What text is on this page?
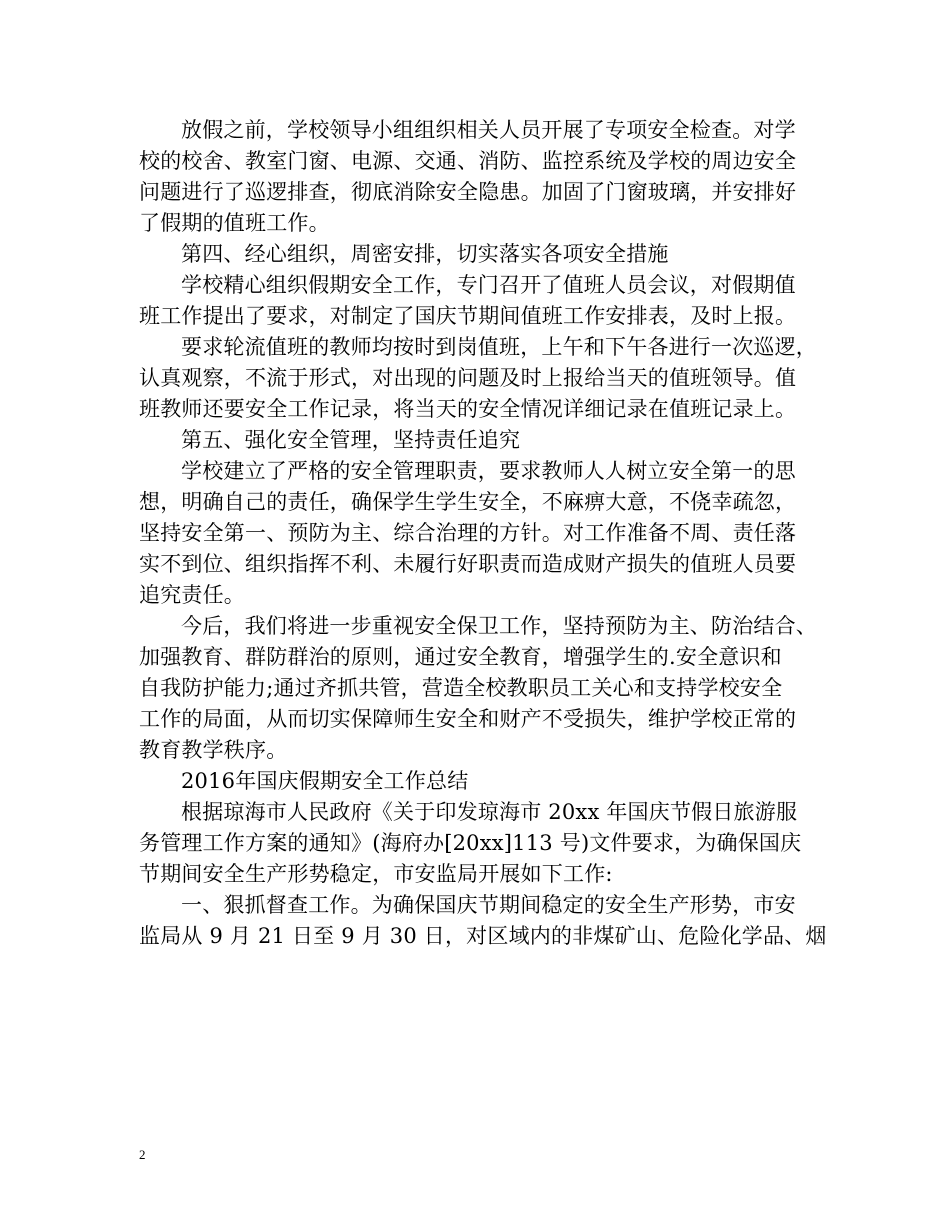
放假之前，学校领导小组组织相关人员开展了专项安全检查。对学
校的校舍、教室门窗、电源、交通、消防、监控系统及学校的周边安全
问题进行了巡逻排查，彻底消除安全隐患。加固了门窗玻璃，并安排好
了假期的值班工作。
第四、经心组织，周密安排，切实落实各项安全措施
学校精心组织假期安全工作，专门召开了值班人员会议，对假期值
班工作提出了要求，对制定了国庆节期间值班工作安排表，及时上报。
要求轮流值班的教师均按时到岗值班，上午和下午各进行一次巡逻，
认真观察，不流于形式，对出现的问题及时上报给当天的值班领导。值
班教师还要安全工作记录，将当天的安全情况详细记录在值班记录上。
第五、强化安全管理，坚持责任追究
学校建立了严格的安全管理职责，要求教师人人树立安全第一的思
想，明确自己的责任，确保学生学生安全，不麻痹大意，不侥幸疏忽，
坚持安全第一、预防为主、综合治理的方针。对工作准备不周、责任落
实不到位、组织指挥不利、未履行好职责而造成财产损失的值班人员要
追究责任。
今后，我们将进一步重视安全保卫工作，坚持预防为主、防治结合、
加强教育、群防群治的原则，通过安全教育，增强学生的.安全意识和
自我防护能力;通过齐抓共管，营造全校教职员工关心和支持学校安全
工作的局面，从而切实保障师生安全和财产不受损失，维护学校正常的
教育教学秩序。
2016年国庆假期安全工作总结
根据琼海市人民政府《关于印发琼海市 20xx 年国庆节假日旅游服
务管理工作方案的通知》(海府办[20xx]113 号)文件要求，为确保国庆
节期间安全生产形势稳定，市安监局开展如下工作:
一、狠抓督查工作。为确保国庆节期间稳定的安全生产形势，市安
监局从 9 月 21 日至 9 月 30 日，对区域内的非煤矿山、危险化学品、烟
2
